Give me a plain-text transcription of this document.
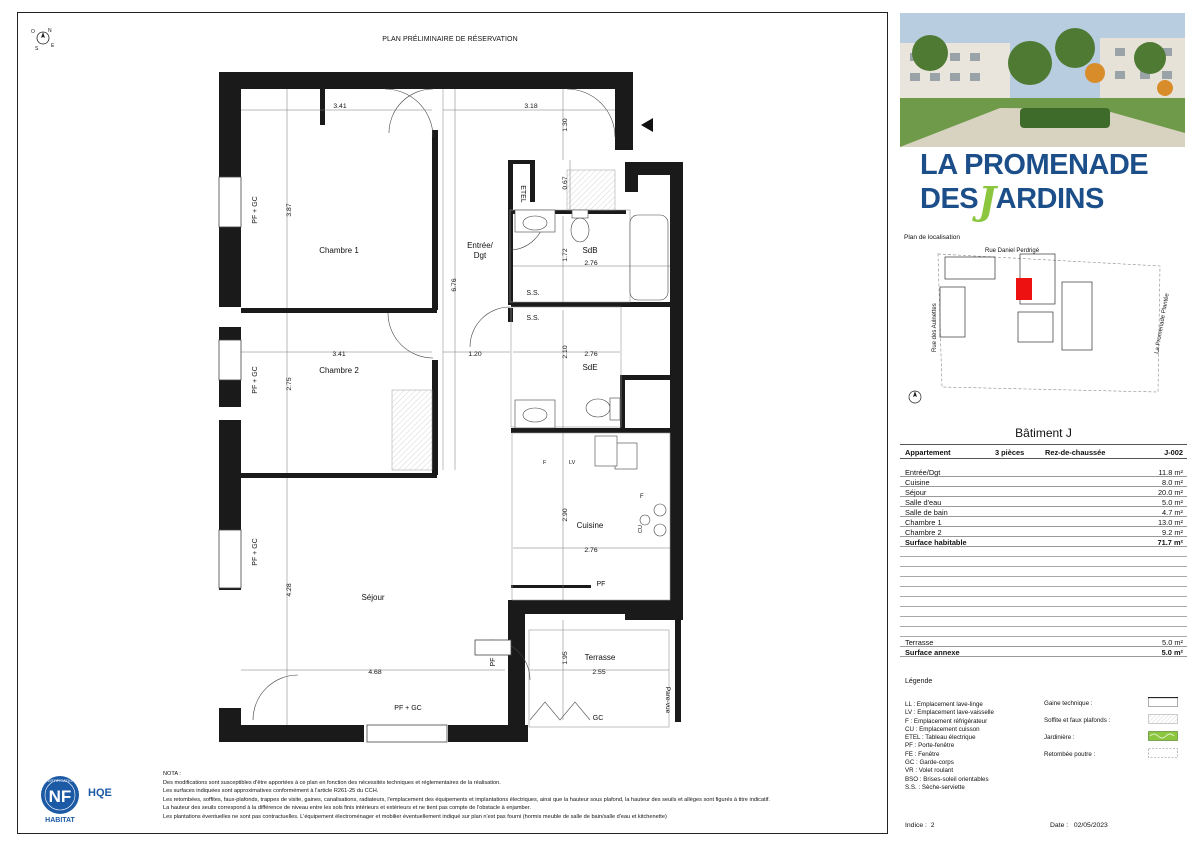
N
E
O
S
PLAN PRÉLIMINAIRE DE RÉSERVATION
Chambre 1
Chambre 2
Entrée/
Dgt
SdB
SdE
Cuisine
Séjour
Terrasse
ETEL
S.S.
S.S.
GC
Pare-vue
PF
PF
PF + GC
PF + GC
PF + GC
PF + GC
F	LV
F
CU
3.41	3.18
1.30
0.67
3.87
6.76
1.72
2.76
3.41	1.20	2.10 2.76
2.75
2.90
2.76
4.28
1.95
4.68	2.55
NOTA :
Des modifications sont susceptibles d'être apportées à ce plan en fonction des nécessités techniques et réglementaires de la réalisation.
Les surfaces indiquées sont approximatives conformément à l'article R261-25 du CCH.
Les retombées, soffites, faux-plafonds, trappes de visite, gaines, canalisations, radiateurs, l'emplacement des équipements et implantations électriques, ainsi que la hauteur sous plafond, la hauteur des seuils et allèges sont figurés à titre indicatif.
La hauteur des seuils correspond à la différence de niveau entre les sols finis intérieurs et extérieurs et ne tient pas compte de l'obstacle à enjamber.
Les plantations éventuelles ne sont pas contractuelles. L'équipement électroménager et mobilier éventuellement indiqué sur plan n'est pas fourni (hormis meuble de salle de bain/salle d'eau et kitchenette)
NF
CERTIFICATION
HQE
HABITAT
LA PROMENADE
DESJARDINS
Plan de localisation
Rue Daniel Perdrigé
Rue des Aulnettes	La Promenade Plantée
Bâtiment J
Appartement	3 pièces	Rez-de-chaussée	J-002
Entrée/Dgt	11.8 m²
Cuisine	8.0 m²
Séjour	20.0 m²
Salle d'eau	5.0 m²
Salle de bain	4.7 m²
Chambre 1	13.0 m²
Chambre 2	9.2 m²
Surface habitable	71.7 m²
Terrasse	5.0 m²
Surface annexe	5.0 m²
Légende
LL : Emplacement lave-linge
LV : Emplacement lave-vaisselle
F : Emplacement réfrigérateur
CU : Emplacement cuisson
ETEL : Tableau électrique
PF : Porte-fenêtre
FE : Fenêtre
GC : Garde-corps
VR : Volet roulant
BSO : Brises-soleil orientables
S.S. : Sèche-serviette
Gaine technique :
Soffite et faux plafonds :
Jardinière :
Retombée poutre :
Indice : 2	Date : 02/05/2023
